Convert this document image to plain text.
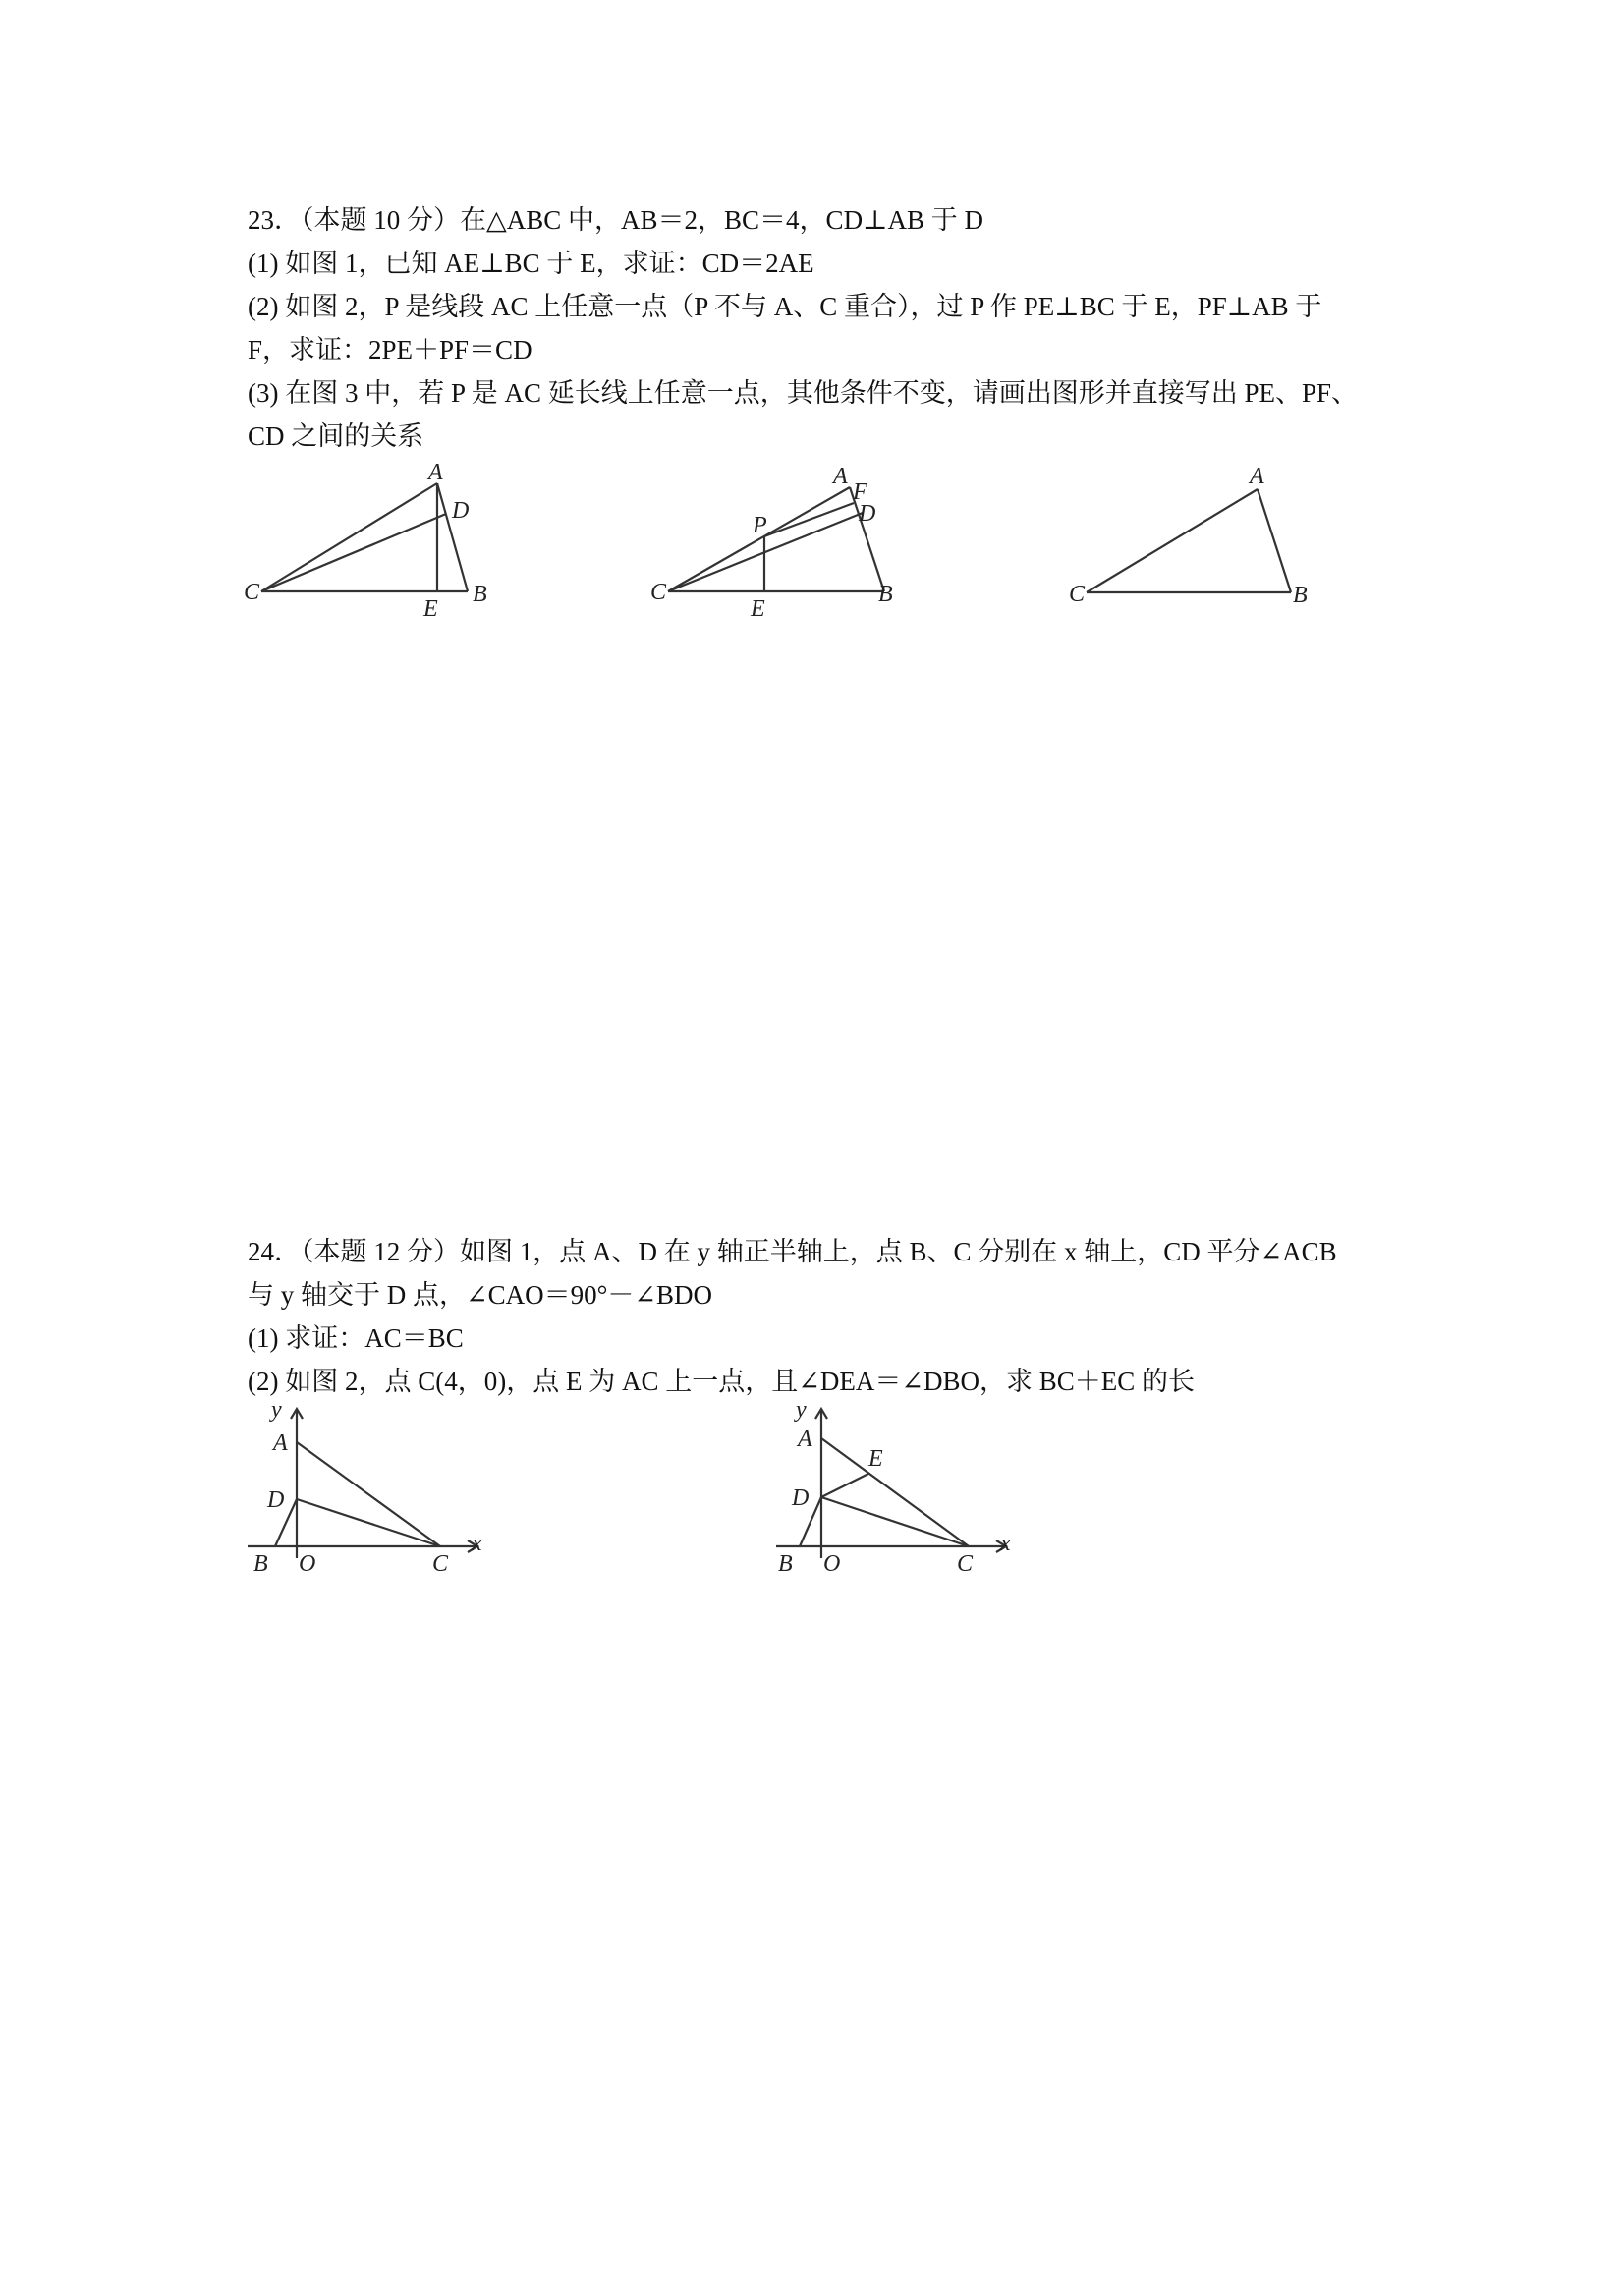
23．（本题 10 分）在△ABC 中，AB＝2，BC＝4，CD⊥AB 于 D
(1) 如图 1，已知 AE⊥BC 于 E，求证：CD＝2AE
(2) 如图 2，P 是线段 AC 上任意一点（P 不与 A、C 重合），过 P 作 PE⊥BC 于 E，PF⊥AB 于
F，求证：2PE＋PF＝CD
(3) 在图 3 中，若 P 是 AC 延长线上任意一点，其他条件不变，请画出图形并直接写出 PE、PF、
CD 之间的关系
A
D
C
E
B
A
F
D
P
C
E
B
A
C	B
24．（本题 12 分）如图 1，点 A、D 在 y 轴正半轴上，点 B、C 分别在 x 轴上，CD 平分∠ACB
与 y 轴交于 D 点，∠CAO＝90°－∠BDO
(1) 求证：AC＝BC
(2) 如图 2，点 C(4，0)，点 E 为 AC 上一点，且∠DEA＝∠DBO，求 BC＋EC 的长
y
A
D
B O	C
x
y
A
E
D
B O	C
x
